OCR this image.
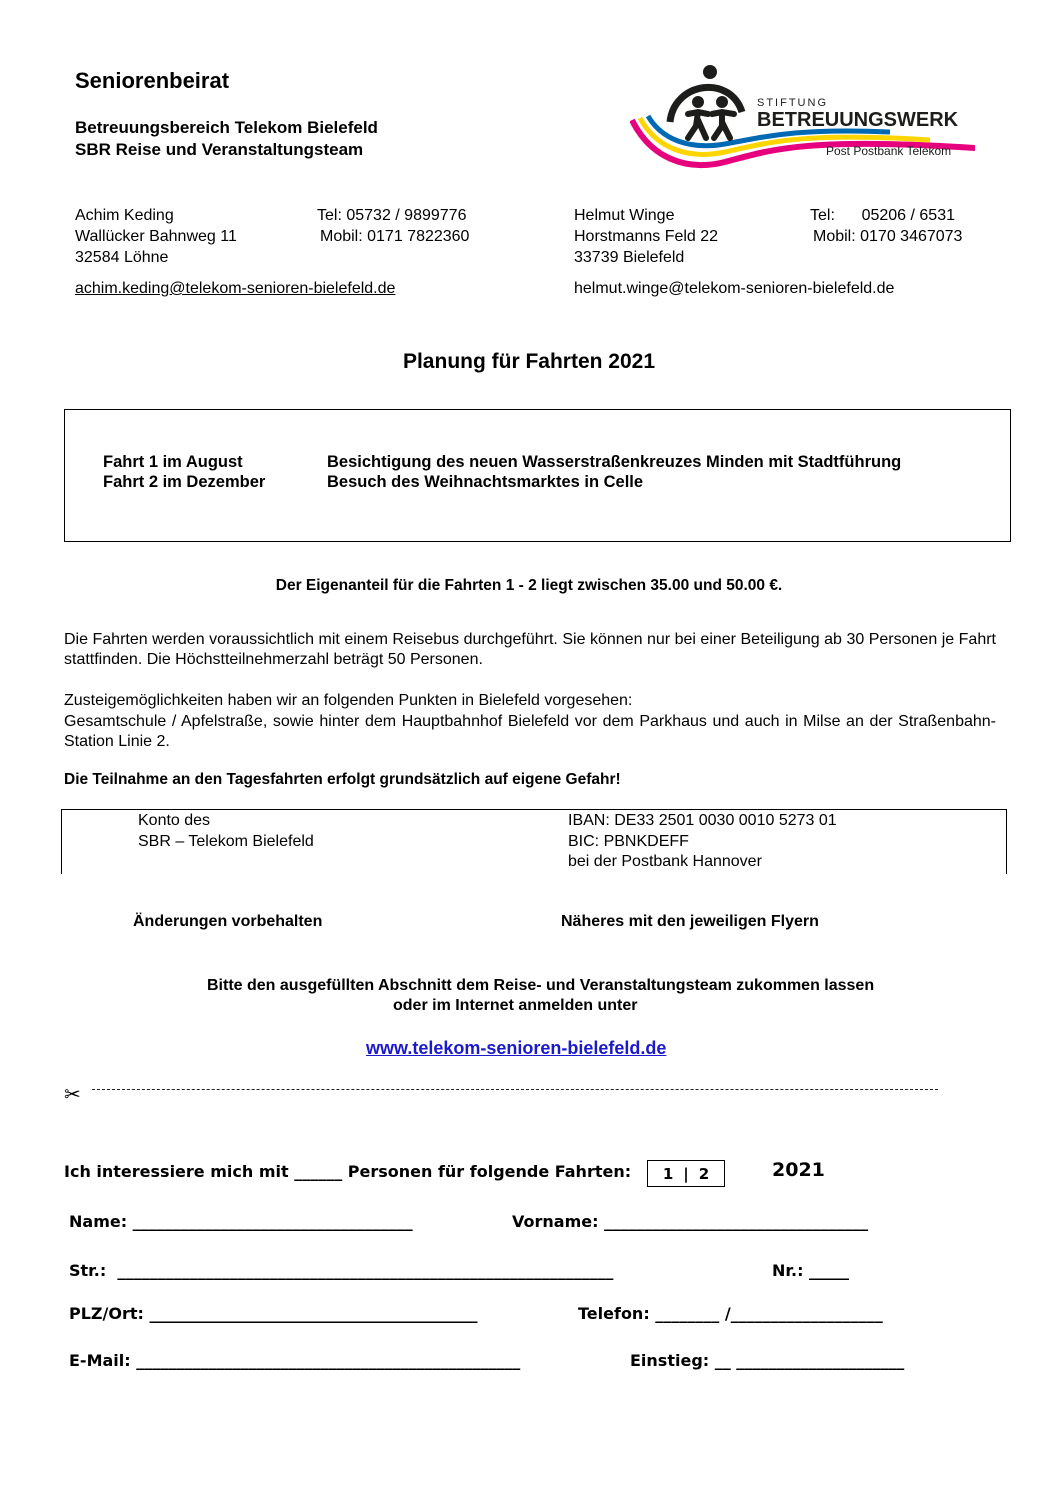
Seniorenbeirat
Betreuungsbereich Telekom Bielefeld
SBR Reise und Veranstaltungsteam
STIFTUNG
BETREUUNGSWERK
Post Postbank Telekom
Achim Keding
Wallücker Bahnweg 11
32584 Löhne
Tel: 05732 / 9899776
Mobil: 0171 7822360
achim.keding@telekom-senioren-bielefeld.de
Helmut Winge
Horstmanns Feld 22
33739 Bielefeld
Tel:      05206 / 6531
Mobil: 0170 3467073
helmut.winge@telekom-senioren-bielefeld.de
Planung für Fahrten 2021
Fahrt 1 im August	Besichtigung des neuen Wasserstraßenkreuzes Minden mit Stadtführung
Fahrt 2 im Dezember	Besuch des Weihnachtsmarktes in Celle
Der Eigenanteil für die Fahrten 1 - 2 liegt zwischen 35.00 und 50.00 €.
Die Fahrten werden voraussichtlich mit einem Reisebus durchgeführt. Sie können nur bei einer Beteiligung ab 30 Personen je Fahrt stattfinden. Die Höchstteilnehmerzahl beträgt 50 Personen.
Zusteigemöglichkeiten haben wir an folgenden Punkten in Bielefeld vorgesehen:
Gesamtschule / Apfelstraße, sowie hinter dem Hauptbahnhof Bielefeld vor dem Parkhaus und auch in Milse an der Straßenbahn-Station Linie 2.
Die Teilnahme an den Tagesfahrten erfolgt grundsätzlich auf eigene Gefahr!
Konto des
SBR – Telekom Bielefeld
IBAN: DE33 2501 0030 0010 5273 01
BIC: PBNKDEFF
bei der Postbank Hannover
Änderungen vorbehalten	Näheres mit den jeweiligen Flyern
Bitte den ausgefüllten Abschnitt dem Reise- und Veranstaltungsteam zukommen lassen
oder im Internet anmelden unter
www.telekom-senioren-bielefeld.de
✂
Ich interessiere mich mit ______ Personen für folgende Fahrten: 1 | 2	2021
Name: ___________________________________	Vorname: _________________________________
Str.:  ______________________________________________________________	Nr.: _____
PLZ/Ort: _________________________________________	Telefon: ________ /___________________
E-Mail: ________________________________________________	Einstieg: __ _____________________
